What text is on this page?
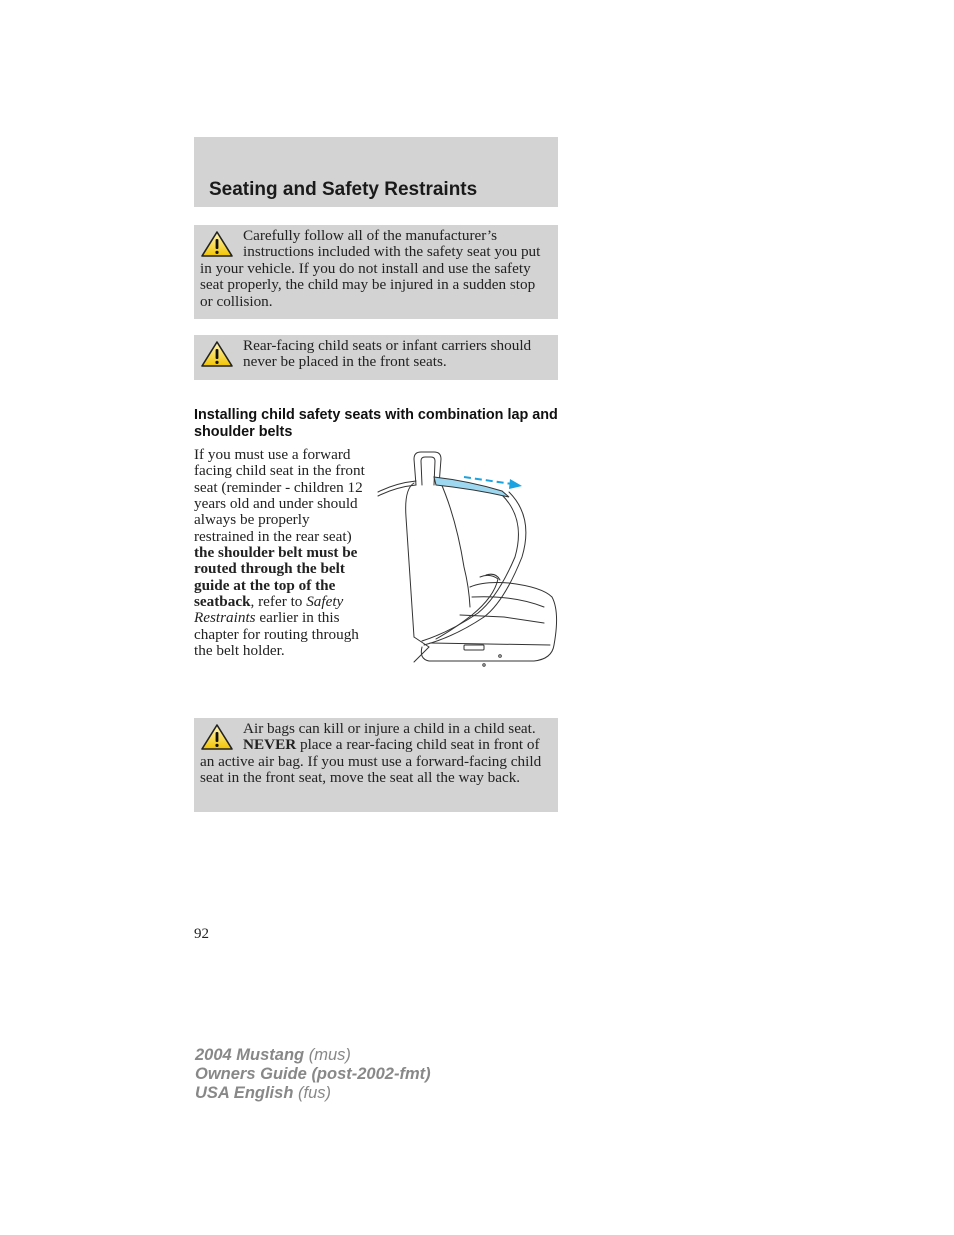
Seating and Safety Restraints

Carefully follow all of the manufacturer’s instructions included with the safety seat you put in your vehicle. If you do not install and use the safety seat properly, the child may be injured in a sudden stop or collision.

Rear-facing child seats or infant carriers should never be placed in the front seats.

Installing child safety seats with combination lap and shoulder belts

If you must use a forward facing child seat in the front seat (reminder - children 12 years old and under should always be properly restrained in the rear seat) the shoulder belt must be routed through the belt guide at the top of the seatback, refer to Safety Restraints earlier in this chapter for routing through the belt holder.

Air bags can kill or injure a child in a child seat. NEVER place a rear-facing child seat in front of an active air bag. If you must use a forward-facing child seat in the front seat, move the seat all the way back.

92

2004 Mustang (mus)
Owners Guide (post-2002-fmt)
USA English (fus)
